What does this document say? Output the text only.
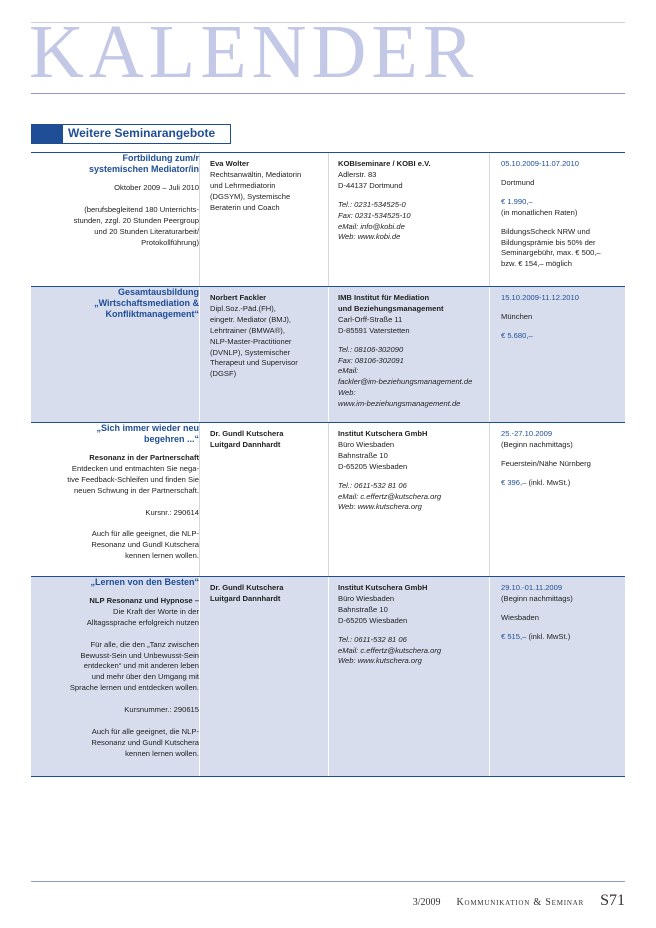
KALENDER
Weitere Seminarangebote

Fortbildung zum/r
systemischen Mediator/in

Oktober 2009 – Juli 2010

(berufsbegleitend 180 Unterrichts-
stunden, zzgl. 20 Stunden Peergroup
und 20 Stunden Literaturarbeit/
Protokollführung)

Eva Wolter

Rechtsanwältin, Mediatorin
und Lehrmediatorin
(DGSYM), Systemische
Beraterin und Coach

KOBIseminare / KOBI e.V.

Adlerstr. 83
D-44137 Dortmund

Tel.: 0231-534525-0
Fax: 0231-534525-10
eMail: info@kobi.de
Web: www.kobi.de

05.10.2009-11.07.2010

Dortmund

€ 1.990,–

(in monatlichen Raten)

BildungsScheck NRW und
Bildungsprämie bis 50% der
Seminargebühr, max. € 500,–
bzw. € 154,– möglich

Gesamtausbildung
„Wirtschaftsmediation &
Konfliktmanagement“

Norbert Fackler

Dipl.Soz.-Päd.(FH),
eingetr. Mediator (BMJ),
Lehrtrainer (BMWA®),
NLP-Master-Practitioner
(DVNLP), Systemischer
Therapeut und Supervisor
(DGSF)

IMB Institut für Mediation
und Beziehungsmanagement

Carl-Orff-Straße 11
D-85591 Vaterstetten

Tel.: 08106-302090
Fax: 08106-302091
eMail:
fackler@im-beziehungsmanagement.de
Web:
www.im-beziehungsmanagement.de

15.10.2009-11.12.2010

München

€ 5.680,–

„Sich immer wieder neu
begehren ...“

Resonanz in der Partnerschaft

Entdecken und entmachten Sie nega-
tive Feedback-Schleifen und finden Sie
neuen Schwung in der Partnerschaft.

Kursnr.: 290614

Auch für alle geeignet, die NLP-
Resonanz und Gundl Kutschera
kennen lernen wollen.

Dr. Gundl Kutschera
Luitgard Dannhardt

Institut Kutschera GmbH

Büro Wiesbaden
Bahnstraße 10
D-65205 Wiesbaden

Tel.: 0611-532 81 06
eMail: c.effertz@kutschera.org
Web: www.kutschera.org

25.-27.10.2009

(Beginn nachmittags)

Feuerstein/Nähe Nürnberg

€ 396,– (inkl. MwSt.)

„Lernen von den Besten“

NLP Resonanz und Hypnose –

Die Kraft der Worte in der
Alltagssprache erfolgreich nutzen

Für alle, die den „Tanz zwischen
Bewusst-Sein und Unbewusst-Sein
entdecken“ und mit anderen leben
und mehr über den Umgang mit
Sprache lernen und entdecken wollen.

Kursnummer.: 290615

Auch für alle geeignet, die NLP-
Resonanz und Gundl Kutschera
kennen lernen wollen.

Dr. Gundl Kutschera
Luitgard Dannhardt

Institut Kutschera GmbH

Büro Wiesbaden
Bahnstraße 10
D-65205 Wiesbaden

Tel.: 0611-532 81 06
eMail: c.effertz@kutschera.org
Web: www.kutschera.org

29.10.-01.11.2009

(Beginn nachmittags)

Wiesbaden

€ 515,– (inkl. MwSt.)

3/2009 Kommunikation & Seminar S71
